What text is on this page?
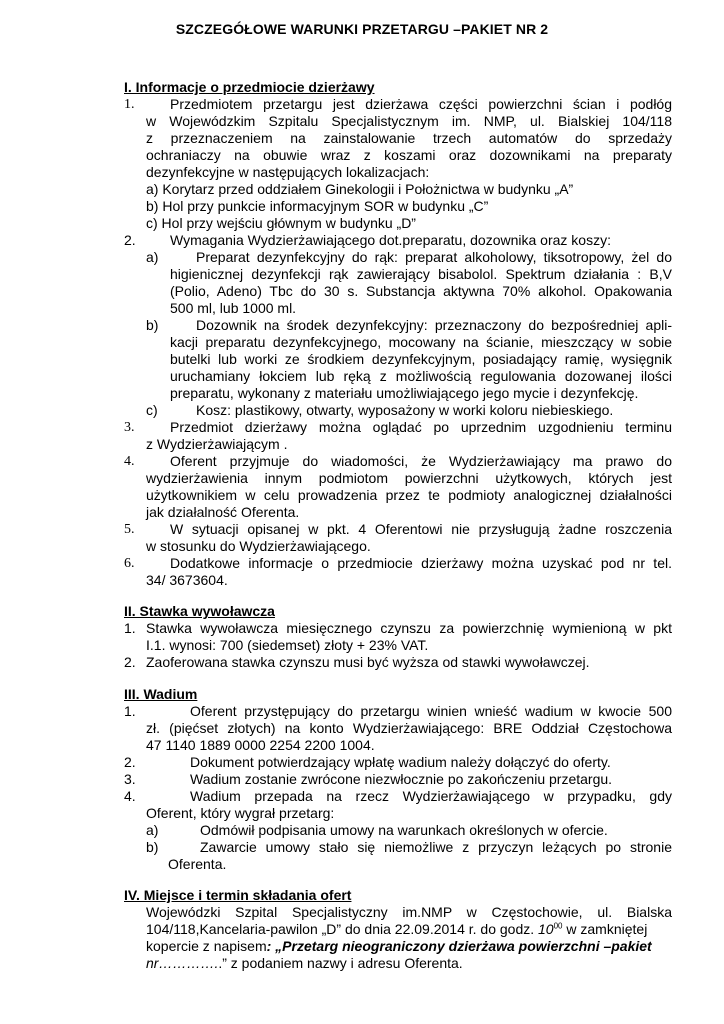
SZCZEGÓŁOWE WARUNKI PRZETARGU –PAKIET NR 2
I. Informacje o przedmiocie dzierżawy
1.	Przedmiotem przetargu jest dzierżawa części powierzchni ścian i podłóg
w Wojewódzkim Szpitalu Specjalistycznym im. NMP, ul. Bialskiej 104/118
z przeznaczeniem na zainstalowanie trzech automatów do sprzedaży
ochraniaczy na obuwie wraz z koszami oraz dozownikami na preparaty
dezynfekcyjne w następujących lokalizacjach:
a) Korytarz przed oddziałem Ginekologii i Położnictwa w budynku „A”
b) Hol przy punkcie informacyjnym SOR w budynku „C”
c) Hol przy wejściu głównym w budynku „D”
2. Wymagania Wydzierżawiającego dot.preparatu, dozownika oraz koszy:
a)	Preparat dezynfekcyjny do rąk: preparat alkoholowy, tiksotropowy, żel do
higienicznej dezynfekcji rąk zawierający bisabolol. Spektrum działania : B,V
(Polio, Adeno) Tbc do 30 s. Substancja aktywna 70% alkohol. Opakowania
500 ml, lub 1000 ml.
b)	Dozownik na środek dezynfekcyjny: przeznaczony do bezpośredniej apli-
kacji preparatu dezynfekcyjnego, mocowany na ścianie, mieszczący w sobie
butelki lub worki ze środkiem dezynfekcyjnym, posiadający ramię, wysięgnik
uruchamiany łokciem lub ręką z możliwością regulowania dozowanej ilości
preparatu, wykonany z materiału umożliwiającego jego mycie i dezynfekcję.
c)	Kosz: plastikowy, otwarty, wyposażony w worki koloru niebieskiego.
3.	Przedmiot dzierżawy można oglądać po uprzednim uzgodnieniu terminu
z Wydzierżawiającym .
4.	Oferent przyjmuje do wiadomości, że Wydzierżawiający ma prawo do
wydzierżawienia innym podmiotom powierzchni użytkowych, których jest
użytkownikiem w celu prowadzenia przez te podmioty analogicznej działalności
jak działalność Oferenta.
5.	W sytuacji opisanej w pkt. 4 Oferentowi nie przysługują żadne roszczenia
w stosunku do Wydzierżawiającego.
6.	Dodatkowe informacje o przedmiocie dzierżawy można uzyskać pod nr tel.
34/ 3673604.
II. Stawka wywoławcza
1. Stawka wywoławcza miesięcznego czynszu za powierzchnię wymienioną w pkt
I.1. wynosi: 700 (siedemset) złoty + 23% VAT.
2. Zaoferowana stawka czynszu musi być wyższa od stawki wywoławczej.
III. Wadium
1.	Oferent przystępujący do przetargu winien wnieść wadium w kwocie 500
zł. (pięćset złotych) na konto Wydzierżawiającego: BRE Oddział Częstochowa
47 1140 1889 0000 2254 2200 1004.
2.	Dokument potwierdzający wpłatę wadium należy dołączyć do oferty.
3.	Wadium zostanie zwrócone niezwłocznie po zakończeniu przetargu.
4.	Wadium przepada na rzecz Wydzierżawiającego w przypadku, gdy
Oferent, który wygrał przetarg:
a)	Odmówił podpisania umowy na warunkach określonych w ofercie.
b)	Zawarcie umowy stało się niemożliwe z przyczyn leżących po stronie
Oferenta.
IV. Miejsce i termin składania ofert
Wojewódzki Szpital Specjalistyczny im.NMP w Częstochowie, ul. Bialska
104/118,Kancelaria-pawilon „D” do dnia 22.09.2014 r. do godz. $10^{00}$ w zamkniętej
kopercie z napisem: „Przetarg nieograniczony dzierżawa powierzchni –pakiet
nr…………..” z podaniem nazwy i adresu Oferenta.
